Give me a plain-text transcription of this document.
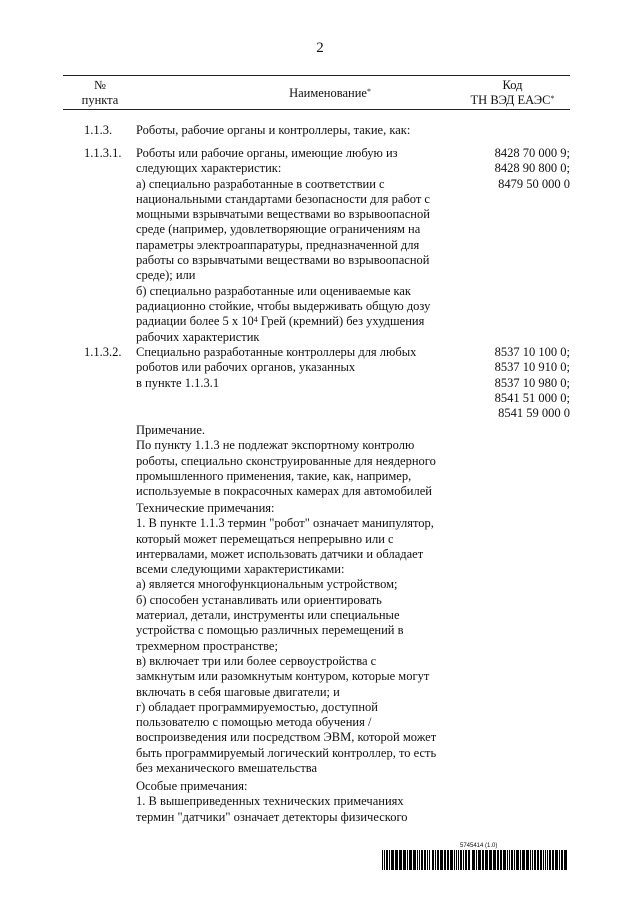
2
№
пункта	Наименование*	Код
ТН ВЭД ЕАЭС*
1.1.3. Роботы, рабочие органы и контроллеры, такие, как:
1.1.3.1. Роботы или рабочие органы, имеющие любую из
следующих характеристик:
а) специально разработанные в соответствии с
национальными стандартами безопасности для работ с
мощными взрывчатыми веществами во взрывоопасной
среде (например, удовлетворяющие ограничениям на
параметры электроаппаратуры, предназначенной для
работы со взрывчатыми веществами во взрывоопасной
среде); или
б) специально разработанные или оцениваемые как
радиационно стойкие, чтобы выдерживать общую дозу
радиации более 5 x $10^4$ Грей (кремний) без ухудшения
рабочих характеристик
8428 70 000 9;
8428 90 800 0;
8479 50 000 0
1.1.3.2. Специально разработанные контроллеры для любых
роботов или рабочих органов, указанных
в пункте 1.1.3.1
8537 10 100 0;
8537 10 910 0;
8537 10 980 0;
8541 51 000 0;
8541 59 000 0
Примечание.
По пункту 1.1.3 не подлежат экспортному контролю
роботы, специально сконструированные для неядерного
промышленного применения, такие, как, например,
используемые в покрасочных камерах для автомобилей
Технические примечания:
1. В пункте 1.1.3 термин "робот" означает манипулятор,
который может перемещаться непрерывно или с
интервалами, может использовать датчики и обладает
всеми следующими характеристиками:
а) является многофункциональным устройством;
б) способен устанавливать или ориентировать
материал, детали, инструменты или специальные
устройства с помощью различных перемещений в
трехмерном пространстве;
в) включает три или более сервоустройства с
замкнутым или разомкнутым контуром, которые могут
включать в себя шаговые двигатели; и
г) обладает программируемостью, доступной
пользователю с помощью метода обучения /
воспроизведения или посредством ЭВМ, которой может
быть программируемый логический контроллер, то есть
без механического вмешательства
Особые примечания:
1. В вышеприведенных технических примечаниях
термин "датчики" означает детекторы физического
5745414 (1.0)
